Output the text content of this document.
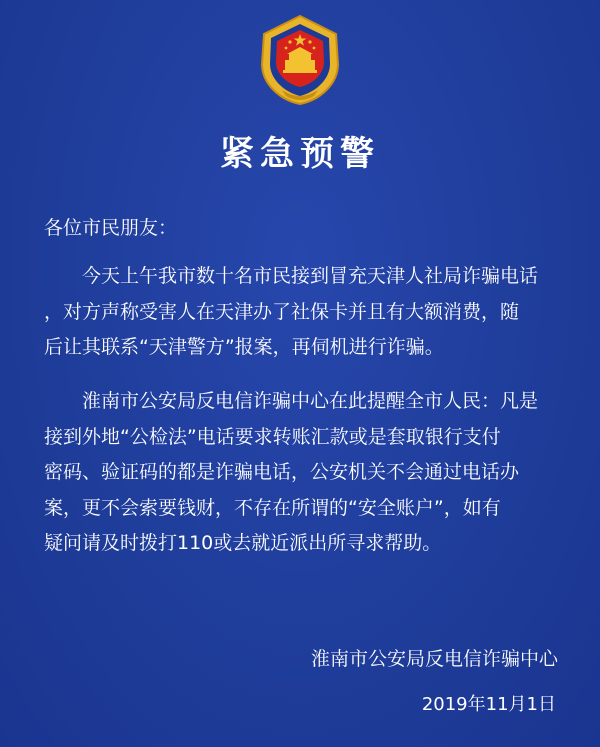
紧急预警
各位市民朋友：
今天上午我市数十名市民接到冒充天津人社局诈骗电话
，对方声称受害人在天津办了社保卡并且有大额消费，随
后让其联系“天津警方”报案，再伺机进行诈骗。
淮南市公安局反电信诈骗中心在此提醒全市人民：凡是
接到外地“公检法”电话要求转账汇款或是套取银行支付
密码、验证码的都是诈骗电话，公安机关不会通过电话办
案，更不会索要钱财，不存在所谓的“安全账户”，如有
疑问请及时拨打110或去就近派出所寻求帮助。
淮南市公安局反电信诈骗中心
2019年11月1日
